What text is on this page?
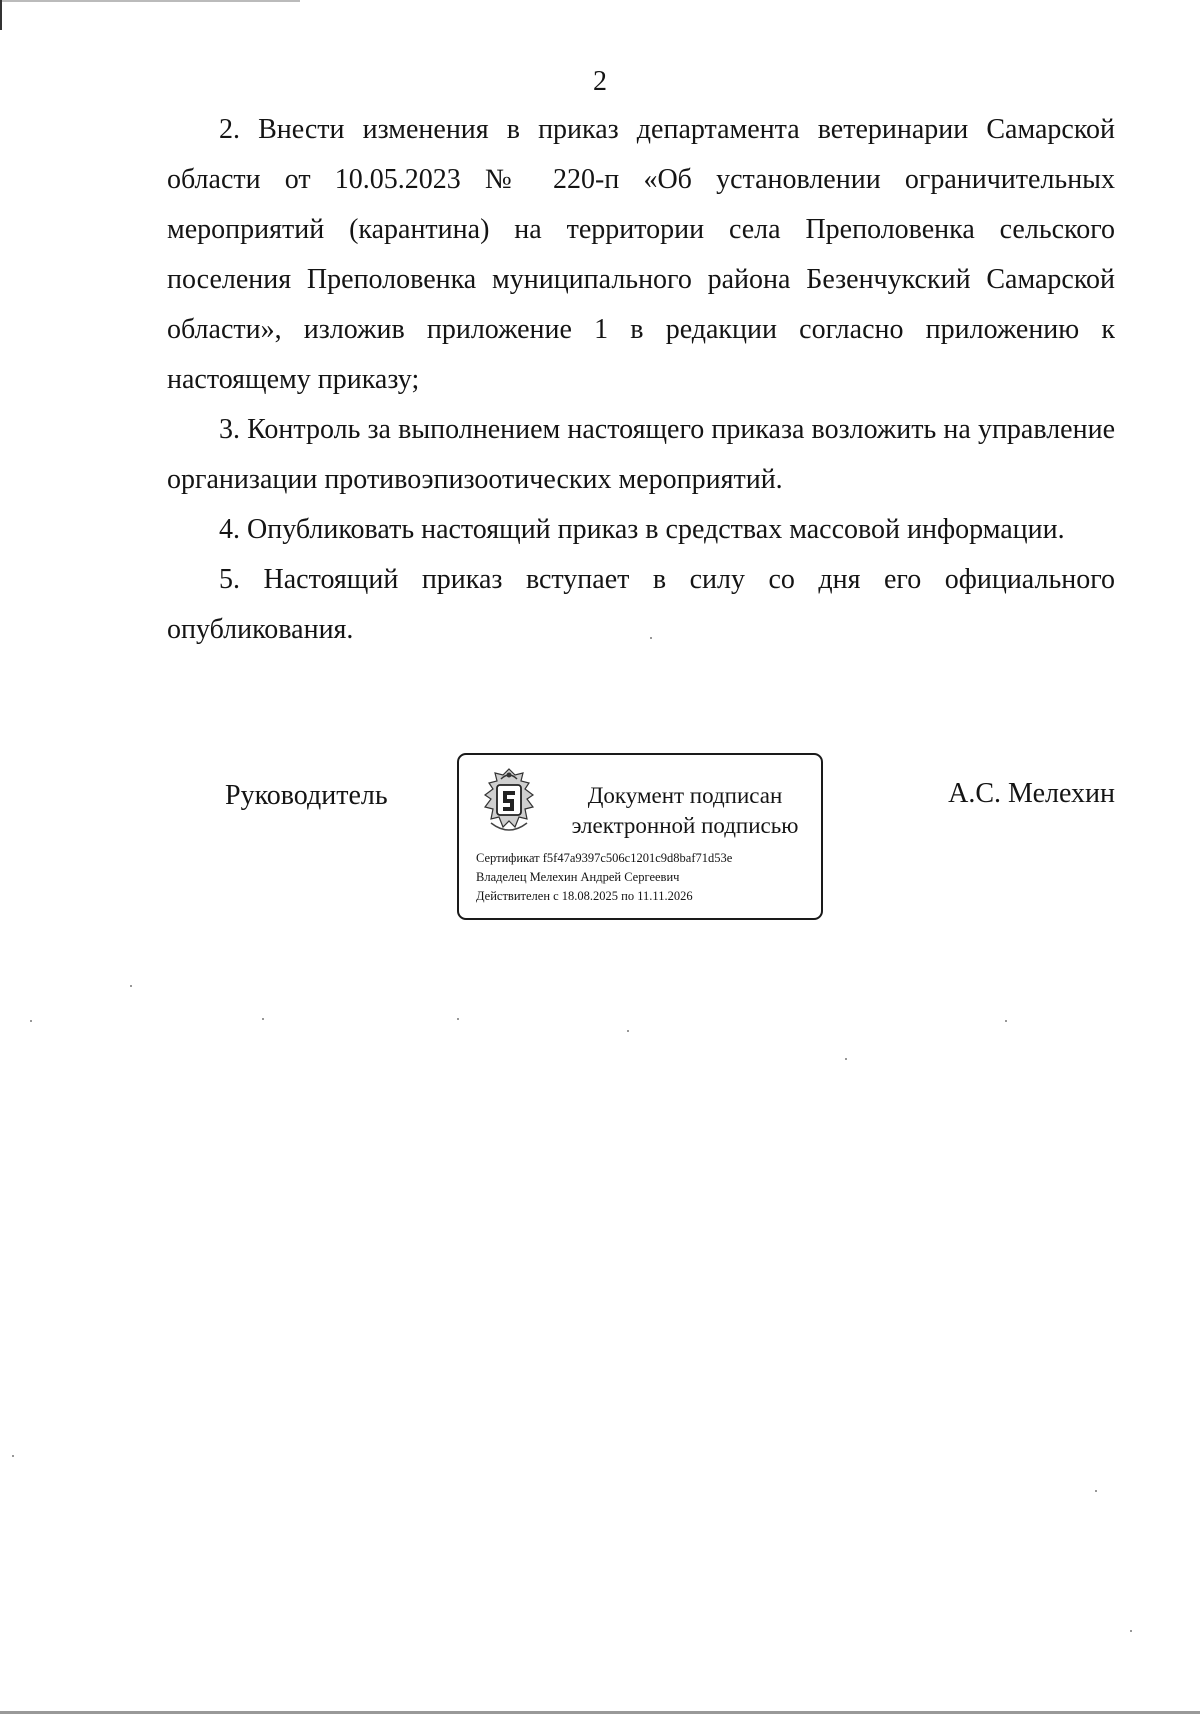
2

2. Внести изменения в приказ департамента ветеринарии Самарской области от 10.05.2023 № 220-п «Об установлении ограничительных мероприятий (карантина) на территории села Преполовенка сельского поселения Преполовенка муниципального района Безенчукский Самарской области», изложив приложение 1 в редакции согласно приложению к настоящему приказу;

3. Контроль за выполнением настоящего приказа возложить на управление организации противоэпизоотических мероприятий.

4. Опубликовать настоящий приказ в средствах массовой информации.

5. Настоящий приказ вступает в силу со дня его официального опубликования.

Руководитель	Документ подписан
электронной подписью
Сертификат f5f47a9397c506c1201c9d8baf71d53e
Владелец Мелехин Андрей Сергеевич
Действителен с 18.08.2025 по 11.11.2026
А.С. Мелехин
